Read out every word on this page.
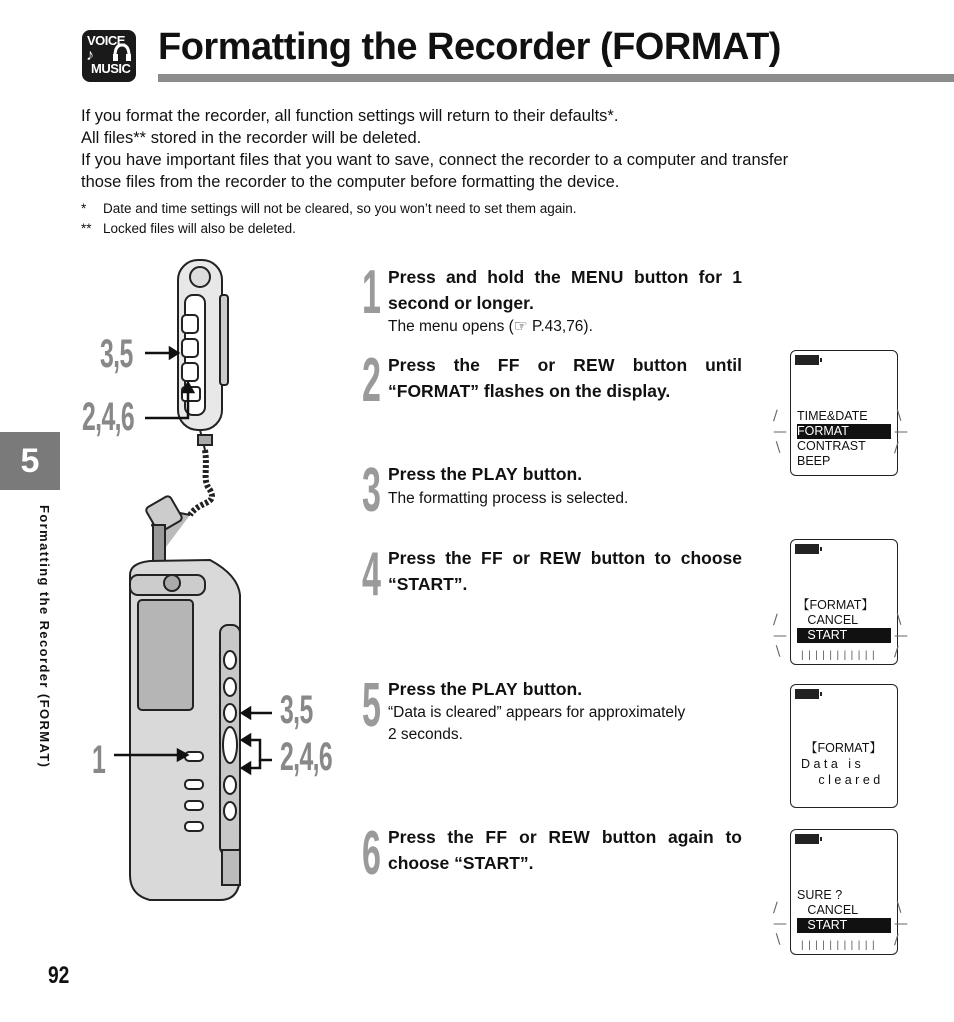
VOICE
♪
MUSIC
Formatting the Recorder (FORMAT)
If you format the recorder, all function settings will return to their defaults*.
All files** stored in the recorder will be deleted.
If you have important files that you want to save, connect the recorder to a computer and transfer
those files from the recorder to the computer before formatting the device.
* Date and time settings will not be cleared, so you won’t need to set them again.
** Locked files will also be deleted.
5
Formatting the Recorder (FORMAT)
92
3,5
2,4,6
3,5
2,4,6
1
1 Press and hold the MENU button for 1 second or longer.
The menu opens (☞ P.43,76).
2 Press the FF or REW button until “FORMAT” flashes on the display.
3 Press the PLAY button.
The formatting process is selected.
4 Press the FF or REW button to choose “START”.
5 Press the PLAY button.
“Data is cleared” appears for approximately
2 seconds.
6 Press the FF or REW button again to choose “START”.
TIME&DATE
FORMAT
CONTRAST
BEEP
∕
—
∖
∖
—
∕
【FORMAT】
CANCEL
START
|||||||||||
∕
—
∖
∖
—
∕
【FORMAT】
D a t a   i s
c l e a r e d
SURE ?
CANCEL
START
|||||||||||
∕
—
∖
∖
—
∕
